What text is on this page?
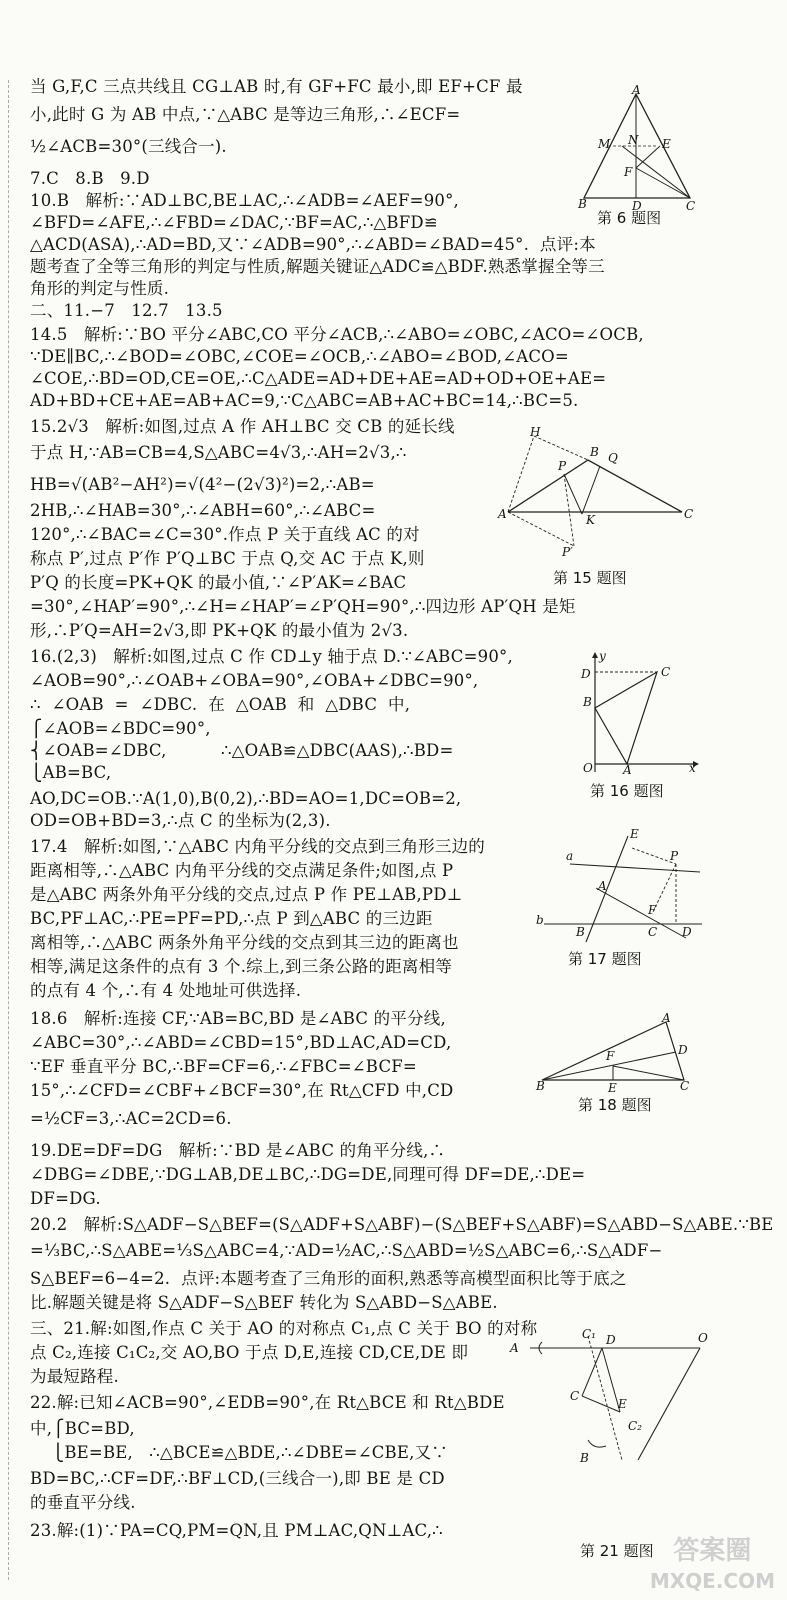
当 G,F,C 三点共线且 CG⊥AB 时,有 GF+FC 最小,即 EF+CF 最
小,此时 G 为 AB 中点,∵△ABC 是等边三角形,∴∠ECF=
½∠ACB=30°(三线合一).
7.C   8.B   9.D
10.B   解析:∵AD⊥BC,BE⊥AC,∴∠ADB=∠AEF=90°,
∠BFD=∠AFE,∴∠FBD=∠DAC,∵BF=AC,∴△BFD≌
△ACD(ASA),∴AD=BD,又∵∠ADB=90°,∴∠ABD=∠BAD=45°.  点评:本
题考查了全等三角形的判定与性质,解题关键证△ADC≌△BDF.熟悉掌握全等三
角形的判定与性质.
二、11.−7   12.7   13.5
14.5   解析:∵BO 平分∠ABC,CO 平分∠ACB,∴∠ABO=∠OBC,∠ACO=∠OCB,
∵DE∥BC,∴∠BOD=∠OBC,∠COE=∠OCB,∴∠ABO=∠BOD,∠ACO=
∠COE,∴BD=OD,CE=OE,∴C△ADE=AD+DE+AE=AD+OD+OE+AE=
AD+BD+CE+AE=AB+AC=9,∵C△ABC=AB+AC+BC=14,∴BC=5.
15.2√3   解析:如图,过点 A 作 AH⊥BC 交 CB 的延长线
于点 H,∵AB=CB=4,S△ABC=4√3,∴AH=2√3,∴
HB=√(AB²−AH²)=√(4²−(2√3)²)=2,∴AB=
2HB,∴∠HAB=30°,∴∠ABH=60°,∴∠ABC=
120°,∴∠BAC=∠C=30°.作点 P 关于直线 AC 的对
称点 P′,过点 P′作 P′Q⊥BC 于点 Q,交 AC 于点 K,则
P′Q 的长度=PK+QK 的最小值,∵∠P′AK=∠BAC
=30°,∠HAP′=90°,∴∠H=∠HAP′=∠P′QH=90°,∴四边形 AP′QH 是矩
形,∴P′Q=AH=2√3,即 PK+QK 的最小值为 2√3.
16.(2,3)   解析:如图,过点 C 作 CD⊥y 轴于点 D.∵∠ABC=90°,
∠AOB=90°,∴∠OAB+∠OBA=90°,∠OBA+∠DBC=90°,
∴  ∠OAB  =  ∠DBC.  在  △OAB  和  △DBC  中,
⎧∠AOB=∠BDC=90°,
⎨∠OAB=∠DBC,          ∴△OAB≌△DBC(AAS),∴BD=
⎩AB=BC,
AO,DC=OB.∵A(1,0),B(0,2),∴BD=AO=1,DC=OB=2,
OD=OB+BD=3,∴点 C 的坐标为(2,3).
17.4   解析:如图,∵△ABC 内角平分线的交点到三角形三边的
距离相等,∴△ABC 内角平分线的交点满足条件;如图,点 P
是△ABC 两条外角平分线的交点,过点 P 作 PE⊥AB,PD⊥
BC,PF⊥AC,∴PE=PF=PD,∴点 P 到△ABC 的三边距
离相等,∴△ABC 两条外角平分线的交点到其三边的距离也
相等,满足这条件的点有 3 个.综上,到三条公路的距离相等
的点有 4 个,∴有 4 处地址可供选择.
18.6   解析:连接 CF,∵AB=BC,BD 是∠ABC 的平分线,
∠ABC=30°,∴∠ABD=∠CBD=15°,BD⊥AC,AD=CD,
∵EF 垂直平分 BC,∴BF=CF=6,∴∠FBC=∠BCF=
15°,∴∠CFD=∠CBF+∠BCF=30°,在 Rt△CFD 中,CD
=½CF=3,∴AC=2CD=6.
19.DE=DF=DG   解析:∵BD 是∠ABC 的角平分线,∴
∠DBG=∠DBE,∵DG⊥AB,DE⊥BC,∴DG=DE,同理可得 DF=DE,∴DE=
DF=DG.
20.2   解析:S△ADF−S△BEF=(S△ADF+S△ABF)−(S△BEF+S△ABF)=S△ABD−S△ABE.∵BE
=⅓BC,∴S△ABE=⅓S△ABC=4,∵AD=½AC,∴S△ABD=½S△ABC=6,∴S△ADF−
S△BEF=6−4=2.  点评:本题考查了三角形的面积,熟悉等高模型面积比等于底之
比.解题关键是将 S△ADF−S△BEF 转化为 S△ABD−S△ABE.
三、21.解:如图,作点 C 关于 AO 的对称点 C₁,点 C 关于 BO 的对称
点 C₂,连接 C₁C₂,交 AO,BO 于点 D,E,连接 CD,CE,DE 即
为最短路程.
22.解:已知∠ACB=90°,∠EDB=90°,在 Rt△BCE 和 Rt△BDE
中,⎧BC=BD,
⎩BE=BE,   ∴△BCE≌△BDE,∴∠DBE=∠CBE,又∵
BD=BC,∴CF=DF,∴BF⊥CD,(三线合一),即 BE 是 CD
的垂直平分线.
23.解:(1)∵PA=CQ,PM=QN,且 PM⊥AC,QN⊥AC,∴
A
B	C
D
E
F
M N
第 6 题图
H
B Q
P
A	C
K
P′
第 15 题图
y
D	C
B
O	A	x
第 16 题图
a
b
E
P
A
B	C D
F
第 17 题图
A
B	C
D
F
E
第 18 题图
A
D	O
C
E
C₂
C₁
B
第 21 题图 答案圈
MXQE.COM
